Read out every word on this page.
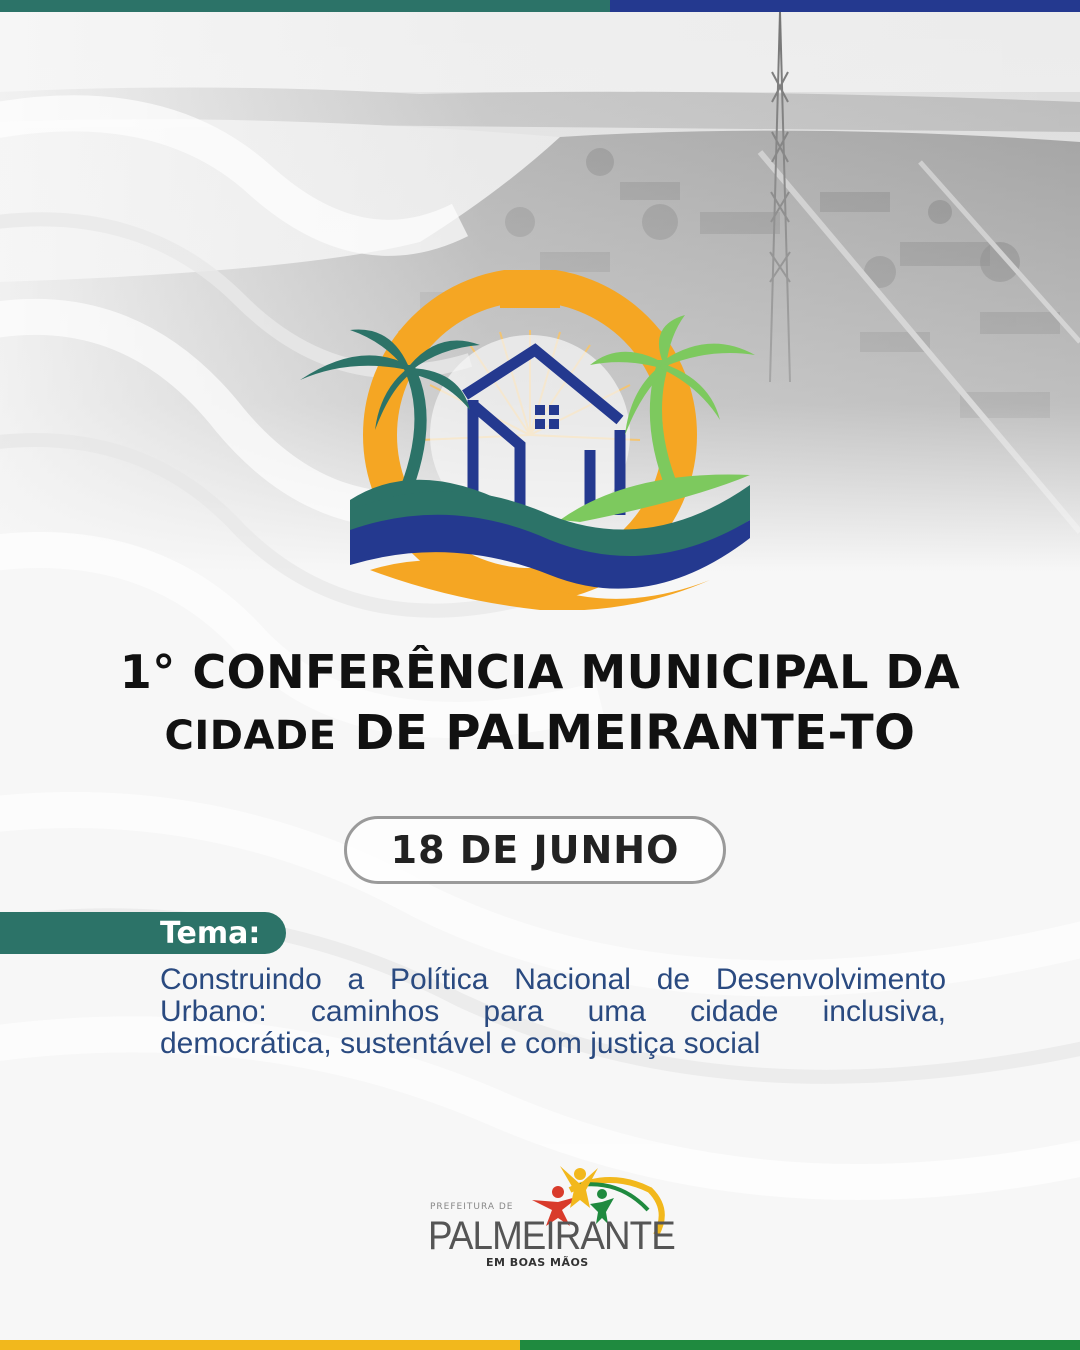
1° CONFERÊNCIA MUNICIPAL DA
CIDADE DE PALMEIRANTE-TO
18 DE JUNHO
Tema:
Construindo a Política Nacional de Desenvolvimento Urbano: caminhos para uma cidade inclusiva, democrática, sustentável e com justiça social
PREFEITURA DE
PALMEIRANTE
EM BOAS MÃOS
